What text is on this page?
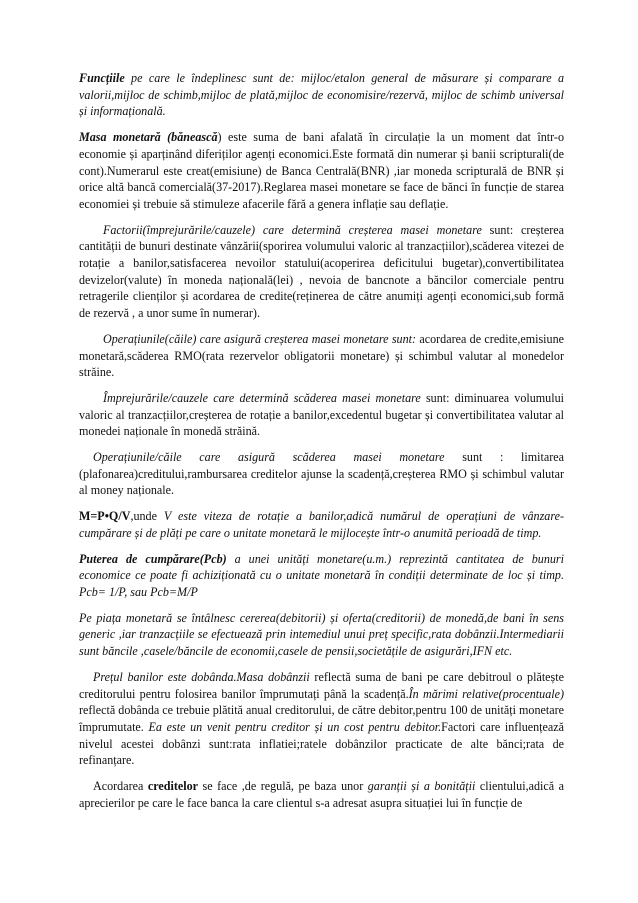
Funcțiile pe care le îndeplinesc sunt de: mijloc/etalon general de măsurare și comparare a valorii,mijloc de schimb,mijloc de plată,mijloc de economisire/rezervă, mijloc de schimb universal și informațională.

Masa monetară (bănească) este suma de bani afalată în circulație la un moment dat într-o economie și aparținând diferiților agenți economici.Este formată din numerar și banii scripturali(de cont).Numerarul este creat(emisiune) de Banca Centrală(BNR) ,iar moneda scripturală de BNR și orice altă bancă comercială(37-2017).Reglarea masei monetare se face de bănci în funcție de starea economiei și trebuie să stimuleze afacerile fără a genera inflație sau deflație.

Factorii(împrejurările/cauzele) care determină creșterea masei monetare sunt: creșterea cantității de bunuri destinate vânzării(sporirea volumului valoric al tranzacțiilor),scăderea vitezei de rotație a banilor,satisfacerea nevoilor statului(acoperirea deficitului bugetar),convertibilitatea devizelor(valute) în moneda națională(lei) , nevoia de bancnote a băncilor comerciale pentru retragerile clienților și acordarea de credite(reținerea de către anumiți agenți economici,sub formă de rezervă , a unor sume în numerar).

Operațiunile(căile) care asigură creșterea masei monetare sunt: acordarea de credite,emisiune monetară,scăderea RMO(rata rezervelor obligatorii monetare) și schimbul valutar al monedelor străine.

Împrejurările/cauzele care determină scăderea masei monetare sunt: diminuarea volumului valoric al tranzacțiilor,creșterea de rotație a banilor,excedentul bugetar și convertibilitatea valutar al monedei naționale în monedă străină.

Operațiunile/căile care asigură scăderea masei monetare sunt : limitarea (plafonarea)creditului,rambursarea creditelor ajunse la scadență,creșterea RMO și schimbul valutar al money naționale.

M=P•Q/V,unde V este viteza de rotație a banilor,adică numărul de operațiuni de vânzare-cumpărare și de plăți pe care o unitate monetară le mijlocește într-o anumită perioadă de timp.

Puterea de cumpărare(Pcb) a unei unități monetare(u.m.) reprezintă cantitatea de bunuri economice ce poate fi achiziționată cu o unitate monetară în condiții determinate de loc și timp. Pcb= 1/P, sau Pcb=M/P

Pe piața monetară se întâlnesc cererea(debitorii) și oferta(creditorii) de monedă,de bani în sens generic ,iar tranzacțiile se efectuează prin intemediul unui preț specific,rata dobânzii.Intermediarii sunt băncile ,casele/băncile de economii,casele de pensii,societățile de asigurări,IFN etc.

Prețul banilor este dobânda.Masa dobânzii reflectă suma de bani pe care debitroul o plătește creditorului pentru folosirea banilor împrumutați până la scadență.În mărimi relative(procentuale) reflectă dobânda ce trebuie plătită anual creditorului, de către debitor,pentru 100 de unități monetare împrumutate. Ea este un venit pentru creditor și un cost pentru debitor.Factori care influențează nivelul acestei dobânzi sunt:rata inflatiei;ratele dobânzilor practicate de alte bănci;rata de refinanțare.

Acordarea creditelor se face ,de regulă, pe baza unor garanții și a bonității clientului,adică a aprecierilor pe care le face banca la care clientul s-a adresat asupra situației lui în funcție de
